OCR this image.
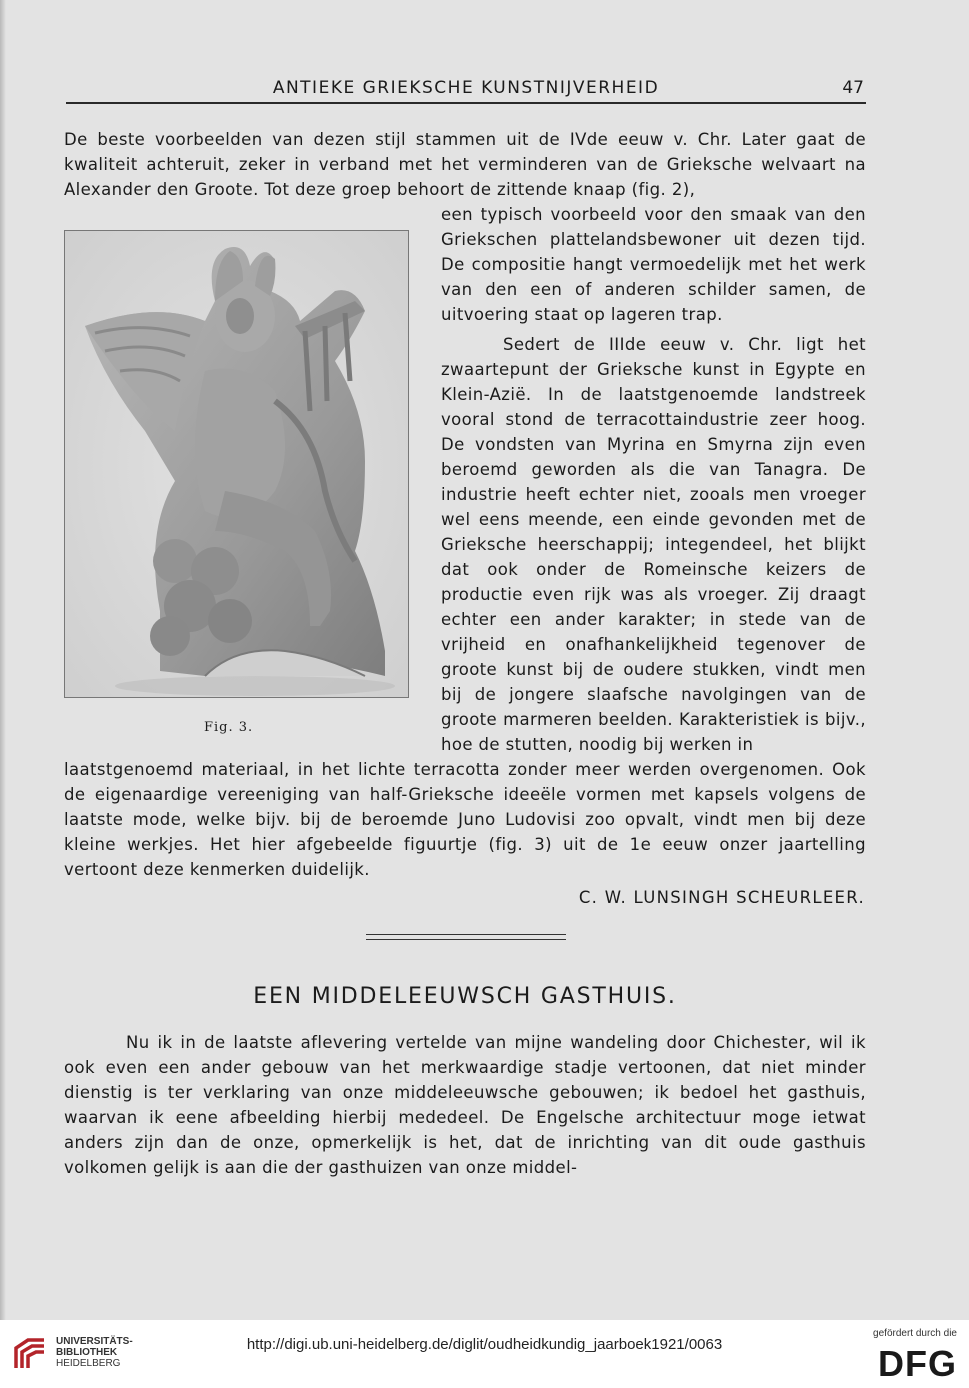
ANTIEKE GRIEKSCHE KUNSTNIJVERHEID	47

De beste voorbeelden van dezen stijl stammen uit de IVde eeuw v. Chr. Later gaat de kwaliteit achteruit, zeker in verband met het verminderen van de Grieksche welvaart na Alexander den Groote. Tot deze groep behoort de zittende knaap (fig. 2),

een typisch voorbeeld voor den smaak van den Griekschen plattelandsbewoner uit dezen tijd. De compositie hangt vermoedelijk met het werk van den een of anderen schilder samen, de uitvoering staat op lageren trap.

Sedert de IIIde eeuw v. Chr. ligt het zwaartepunt der Grieksche kunst in Egypte en Klein-Azië. In de laatstgenoemde landstreek vooral stond de terracottaindustrie zeer hoog. De vondsten van Myrina en Smyrna zijn even beroemd geworden als die van Tanagra. De industrie heeft echter niet, zooals men vroeger wel eens meende, een einde gevonden met de Grieksche heerschappij; integendeel, het blijkt dat ook onder de Romeinsche keizers de productie even rijk was als vroeger. Zij draagt echter een ander karakter; in stede van de vrijheid en onafhankelijkheid tegenover de groote kunst bij de oudere stukken, vindt men bij de jongere slaafsche navolgingen van de groote marmeren beelden. Karakteristiek is bijv., hoe de stutten, noodig bij werken in

Fig. 3.

laatstgenoemd materiaal, in het lichte terracotta zonder meer werden overgenomen. Ook de eigenaardige vereeniging van half-Grieksche ideeële vormen met kapsels volgens de laatste mode, welke bijv. bij de beroemde Juno Ludovisi zoo opvalt, vindt men bij deze kleine werkjes. Het hier afgebeelde figuurtje (fig. 3) uit de 1e eeuw onzer jaartelling vertoont deze kenmerken duidelijk.

C. W. LUNSINGH SCHEURLEER.
EEN MIDDELEEUWSCH GASTHUIS.

Nu ik in de laatste aflevering vertelde van mijne wandeling door Chichester, wil ik ook even een ander gebouw van het merkwaardige stadje vertoonen, dat niet minder dienstig is ter verklaring van onze middeleeuwsche gebouwen; ik bedoel het gasthuis, waarvan ik eene afbeelding hierbij mededeel. De Engelsche architectuur moge ietwat anders zijn dan de onze, opmerkelijk is het, dat de inrichting van dit oude gasthuis volkomen gelijk is aan die der gasthuizen van onze middel-

UNIVERSITÄTS-
BIBLIOTHEK
HEIDELBERG
http://digi.ub.uni-heidelberg.de/diglit/oudheidkundig_jaarboek1921/0063
gefördert durch die
DFG
